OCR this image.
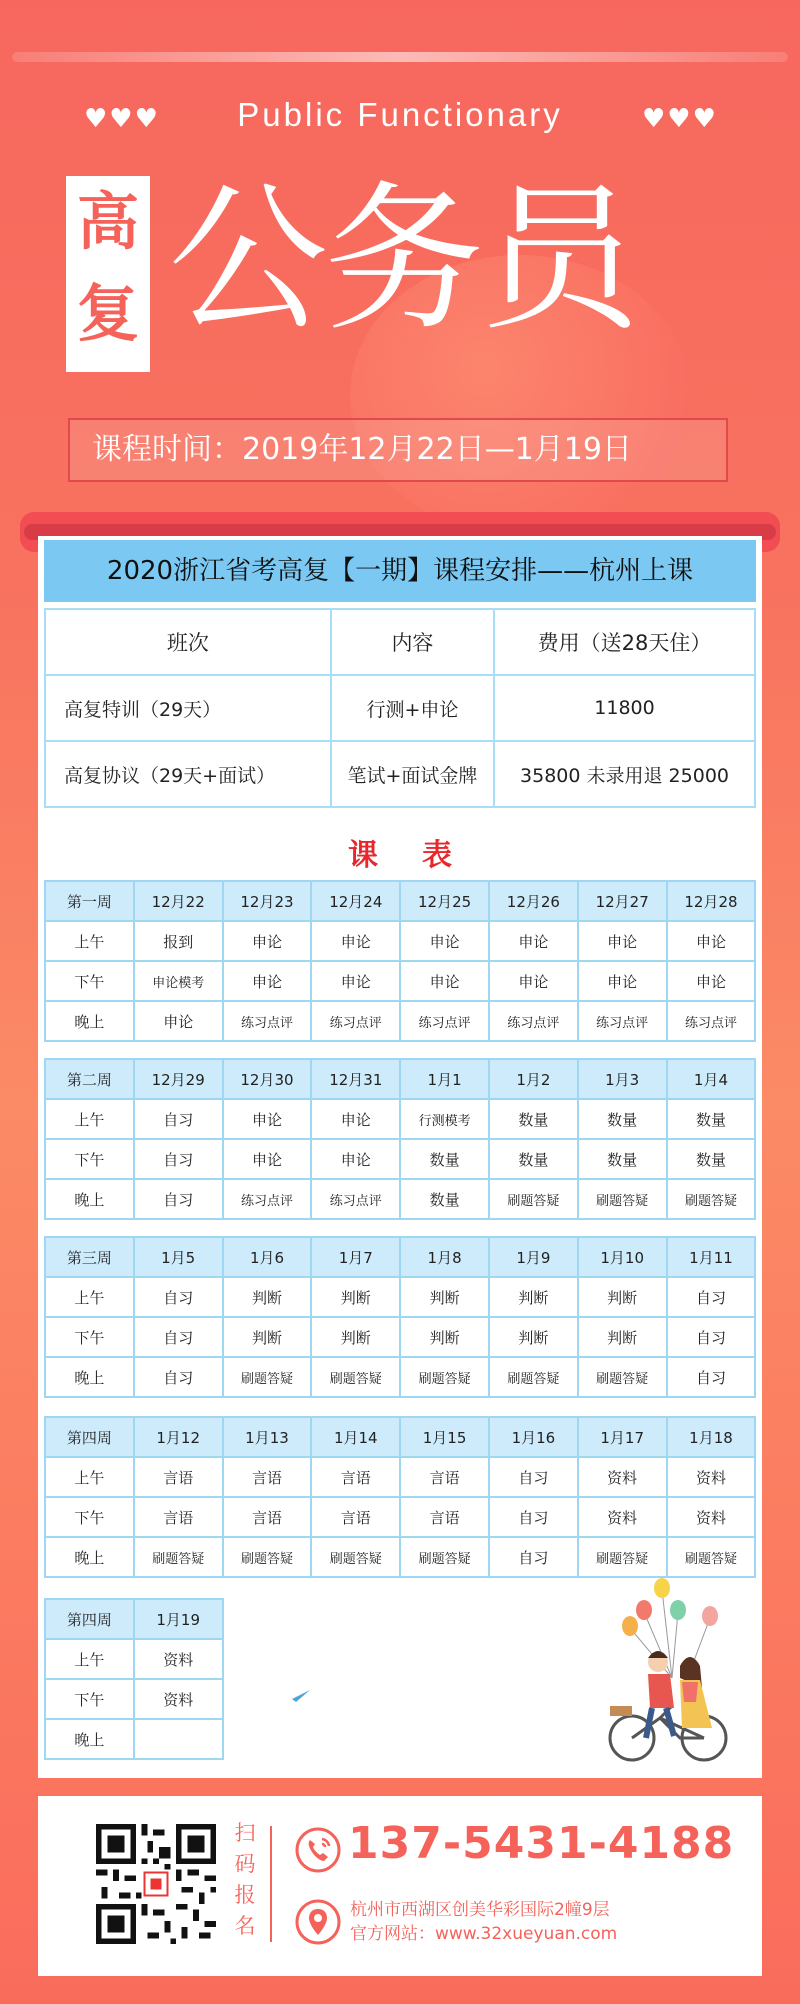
♥♥♥	Public Functionary	♥♥♥
高
复 公务员
课程时间：2019年12月22日—1月19日
2020浙江省考高复【一期】课程安排——杭州上课
班次	内容	费用（送28天住）
高复特训（29天）	行测+申论	11800
高复协议（29天+面试）	笔试+面试金牌	35800 未录用退 25000
课表
第一周	12月22	12月23	12月24	12月25	12月26	12月27	12月28
上午	报到	申论	申论	申论	申论	申论	申论
下午	申论模考	申论	申论	申论	申论	申论	申论
晚上	申论	练习点评	练习点评	练习点评	练习点评	练习点评	练习点评
第二周	12月29	12月30	12月31	1月1	1月2	1月3	1月4
上午	自习	申论	申论	行测模考	数量	数量	数量
下午	自习	申论	申论	数量	数量	数量	数量
晚上	自习	练习点评	练习点评	数量	刷题答疑	刷题答疑	刷题答疑
第三周	1月5	1月6	1月7	1月8	1月9	1月10	1月11
上午	自习	判断	判断	判断	判断	判断	自习
下午	自习	判断	判断	判断	判断	判断	自习
晚上	自习	刷题答疑	刷题答疑	刷题答疑	刷题答疑	刷题答疑	自习
第四周	1月12	1月13	1月14	1月15	1月16	1月17	1月18
上午	言语	言语	言语	言语	自习	资料	资料
下午	言语	言语	言语	言语	自习	资料	资料
晚上	刷题答疑	刷题答疑	刷题答疑	刷题答疑	自习	刷题答疑	刷题答疑
第四周	1月19
上午	资料
下午	资料
晚上	
扫
码
报
名
137-5431-4188
杭州市西湖区创美华彩国际2幢9层
官方网站：www.32xueyuan.com
